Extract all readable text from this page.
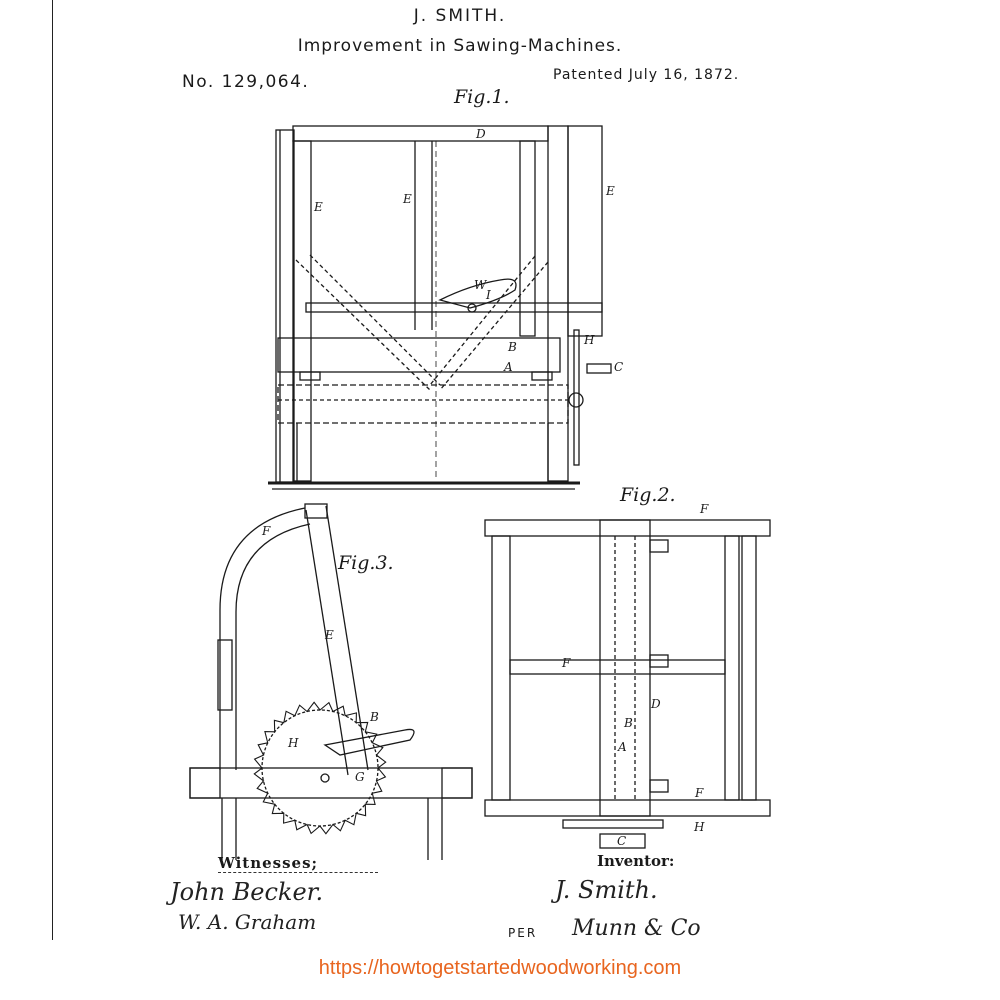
J. SMITH.
Improvement in Sawing-Machines.
No. 129,064.	Patented July 16, 1872.
Fig.1.
Fig.2.
Fig.3.
D
E
E
E
W
I
B
A
H
C
F
F
D
B
A
F
H
C
F
E
B
H
G
Witnesses;
John Becker.
W. A. Graham
Inventor:
J. Smith.
PER Munn & Co
https://howtogetstartedwoodworking.com
